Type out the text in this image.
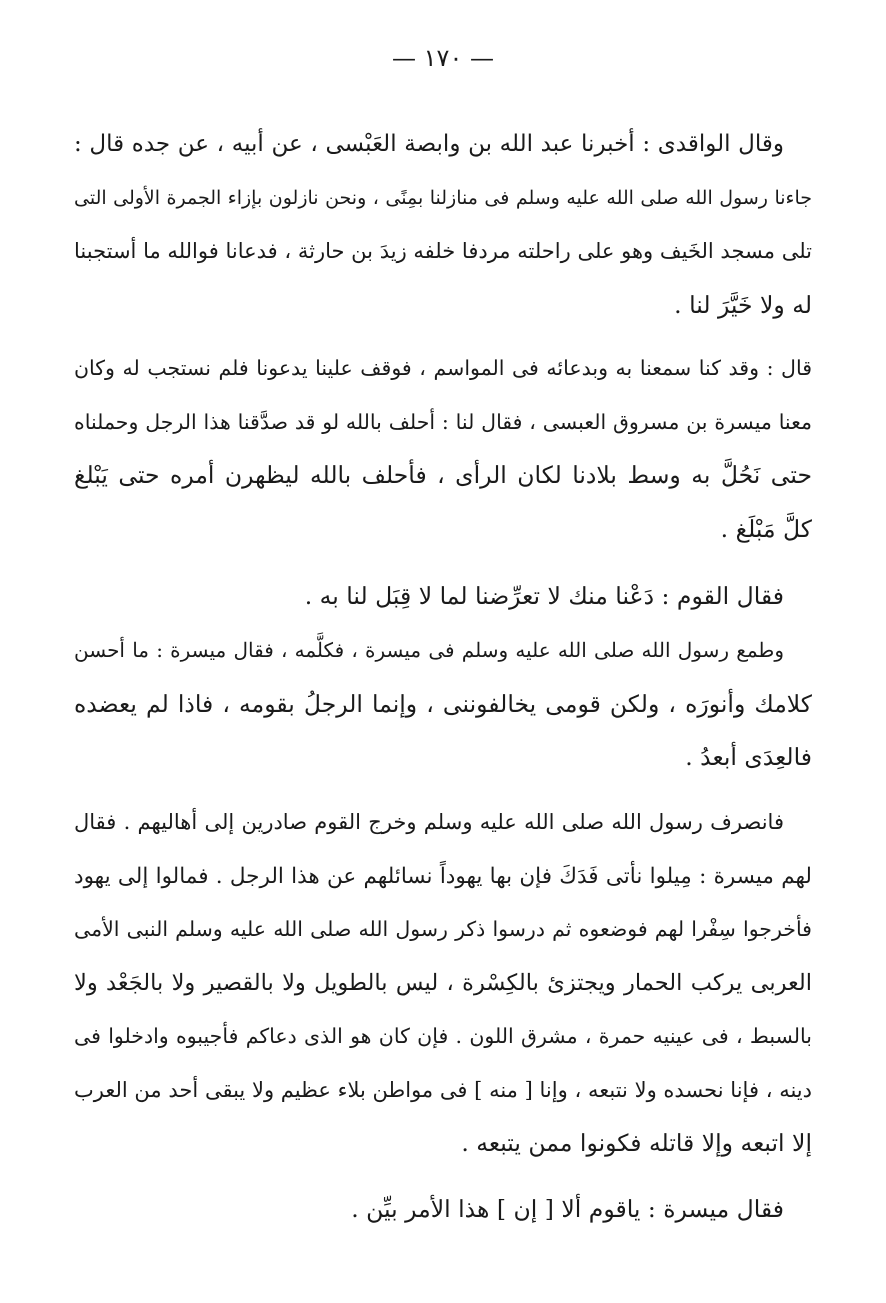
— ١٧٠ —
وقال الواقدى : أخبرنا عبد الله بن وابصة العَبْسى ، عن أبيه ، عن جده قال :
جاءنا رسول الله صلى الله عليه وسلم فى منازلنا بمِنًى ، ونحن نازلون بإزاء الجمرة الأولى التى
تلى مسجد الخَيف وهو على راحلته مردفا خلفه زيدَ بن حارثة ، فدعانا فوالله ما أستجبنا
له ولا خَيَّرَ لنا .
قال : وقد كنا سمعنا به وبدعائه فى المواسم ، فوقف علينا يدعونا فلم نستجب له وكان
معنا ميسرة بن مسروق العبسى ، فقال لنا : أحلف بالله لو قد صدَّقنا هذا الرجل وحملناه
حتى نَحُلَّ به وسط بلادنا لكان الرأى ، فأحلف بالله ليظهرن أمره حتى يَبْلغ
كلَّ مَبْلَغ .
فقال القوم : دَعْنا منك لا تعرِّضنا لما لا قِبَل لنا به .
وطمع رسول الله صلى الله عليه وسلم فى ميسرة ، فكلَّمه ، فقال ميسرة : ما أحسن
كلامك وأنورَه ، ولكن قومى يخالفوننى ، وإنما الرجلُ بقومه ، فاذا لم يعضده
فالعِدَى أبعدُ .
فانصرف رسول الله صلى الله عليه وسلم وخرج القوم صادرين إلى أهاليهم . فقال
لهم ميسرة : مِيلوا نأتى فَدَكَ فإن بها يهوداً نسائلهم عن هذا الرجل . فمالوا إلى يهود
فأخرجوا سِفْرا لهم فوضعوه ثم درسوا ذكر رسول الله صلى الله عليه وسلم النبى الأمى
العربى يركب الحمار ويجتزئ بالكِسْرة ، ليس بالطويل ولا بالقصير ولا بالجَعْد ولا
بالسبط ، فى عينيه حمرة ، مشرق اللون . فإن كان هو الذى دعاكم فأجيبوه وادخلوا فى
دينه ، فإنا نحسده ولا نتبعه ، وإنا [ منه ] فى مواطن بلاء عظيم ولا يبقى أحد من العرب
إلا اتبعه وإلا قاتله فكونوا ممن يتبعه .
فقال ميسرة : ياقوم ألا [ إن ] هذا الأمر بيِّن .
